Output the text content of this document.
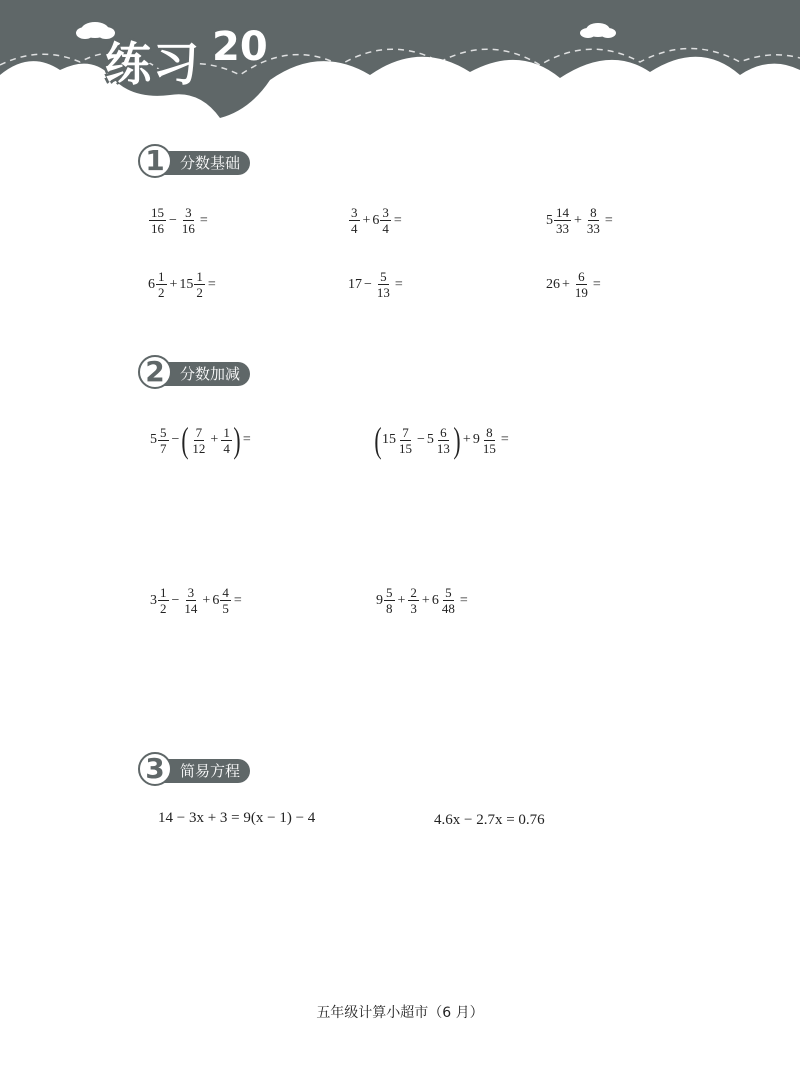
练习 20
1	分数基础
$\frac{15}{16} - \frac{3}{16}$ =	$\frac{3}{4} + 6 \frac{3}{4}$ =	$5 \frac{14}{33} + \frac{8}{33}$ =
$6 \frac{1}{2} + 15 \frac{1}{2}$ =	$17 - \frac{5}{13}$ =	$26 + \frac{6}{19}$ =
2	分数加减
$5 \frac{5}{7}$ − ( $\frac{7}{12} + \frac{1}{4}$ ) =	( $15 \frac{7}{15} - 5 \frac{6}{13}$ ) + $9 \frac{8}{15}$ =
$3 \frac{1}{2} - \frac{3}{14} + 6 \frac{4}{5}$ =	$9 \frac{5}{8} + \frac{2}{3} + 6 \frac{5}{48}$ =
3	简易方程
14 − 3x + 3 = 9(x − 1) − 4	4.6x − 2.7x = 0.76
五年级计算小超市（6 月）
